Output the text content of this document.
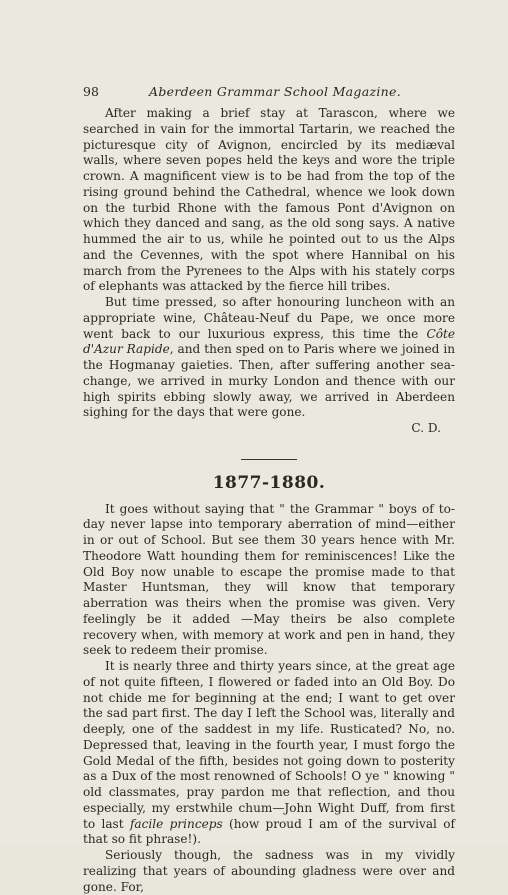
98	Aberdeen Grammar School Magazine.

After making a brief stay at Tarascon, where we searched in vain for the immortal Tartarin, we reached the picturesque city of Avignon, encircled by its mediæval walls, where seven popes held the keys and wore the triple crown. A magnificent view is to be had from the top of the rising ground behind the Cathedral, whence we look down on the turbid Rhone with the famous Pont d'Avignon on which they danced and sang, as the old song says. A native hummed the air to us, while he pointed out to us the Alps and the Cevennes, with the spot where Hannibal on his march from the Pyrenees to the Alps with his stately corps of elephants was attacked by the fierce hill tribes.

But time pressed, so after honouring luncheon with an appropriate wine, Château-Neuf du Pape, we once more went back to our luxurious express, this time the Côte d'Azur Rapide, and then sped on to Paris where we joined in the Hogmanay gaieties. Then, after suffering another sea-change, we arrived in murky London and thence with our high spirits ebbing slowly away, we arrived in Aberdeen sighing for the days that were gone.

C. D.

1877-1880.

It goes without saying that " the Grammar " boys of to-day never lapse into temporary aberration of mind—either in or out of School. But see them 30 years hence with Mr. Theodore Watt hounding them for reminiscences! Like the Old Boy now unable to escape the promise made to that Master Huntsman, they will know that temporary aberration was theirs when the promise was given. Very feelingly be it added —May theirs be also complete recovery when, with memory at work and pen in hand, they seek to redeem their promise.

It is nearly three and thirty years since, at the great age of not quite fifteen, I flowered or faded into an Old Boy. Do not chide me for beginning at the end; I want to get over the sad part first. The day I left the School was, literally and deeply, one of the saddest in my life. Rusticated? No, no. Depressed that, leaving in the fourth year, I must forgo the Gold Medal of the fifth, besides not going down to posterity as a Dux of the most renowned of Schools! O ye " knowing " old classmates, pray pardon me that reflection, and thou especially, my erstwhile chum—John Wight Duff, from first to last facile princeps (how proud I am of the survival of that so fit phrase!).

Seriously though, the sadness was in my vividly realizing that years of abounding gladness were over and gone. For,
